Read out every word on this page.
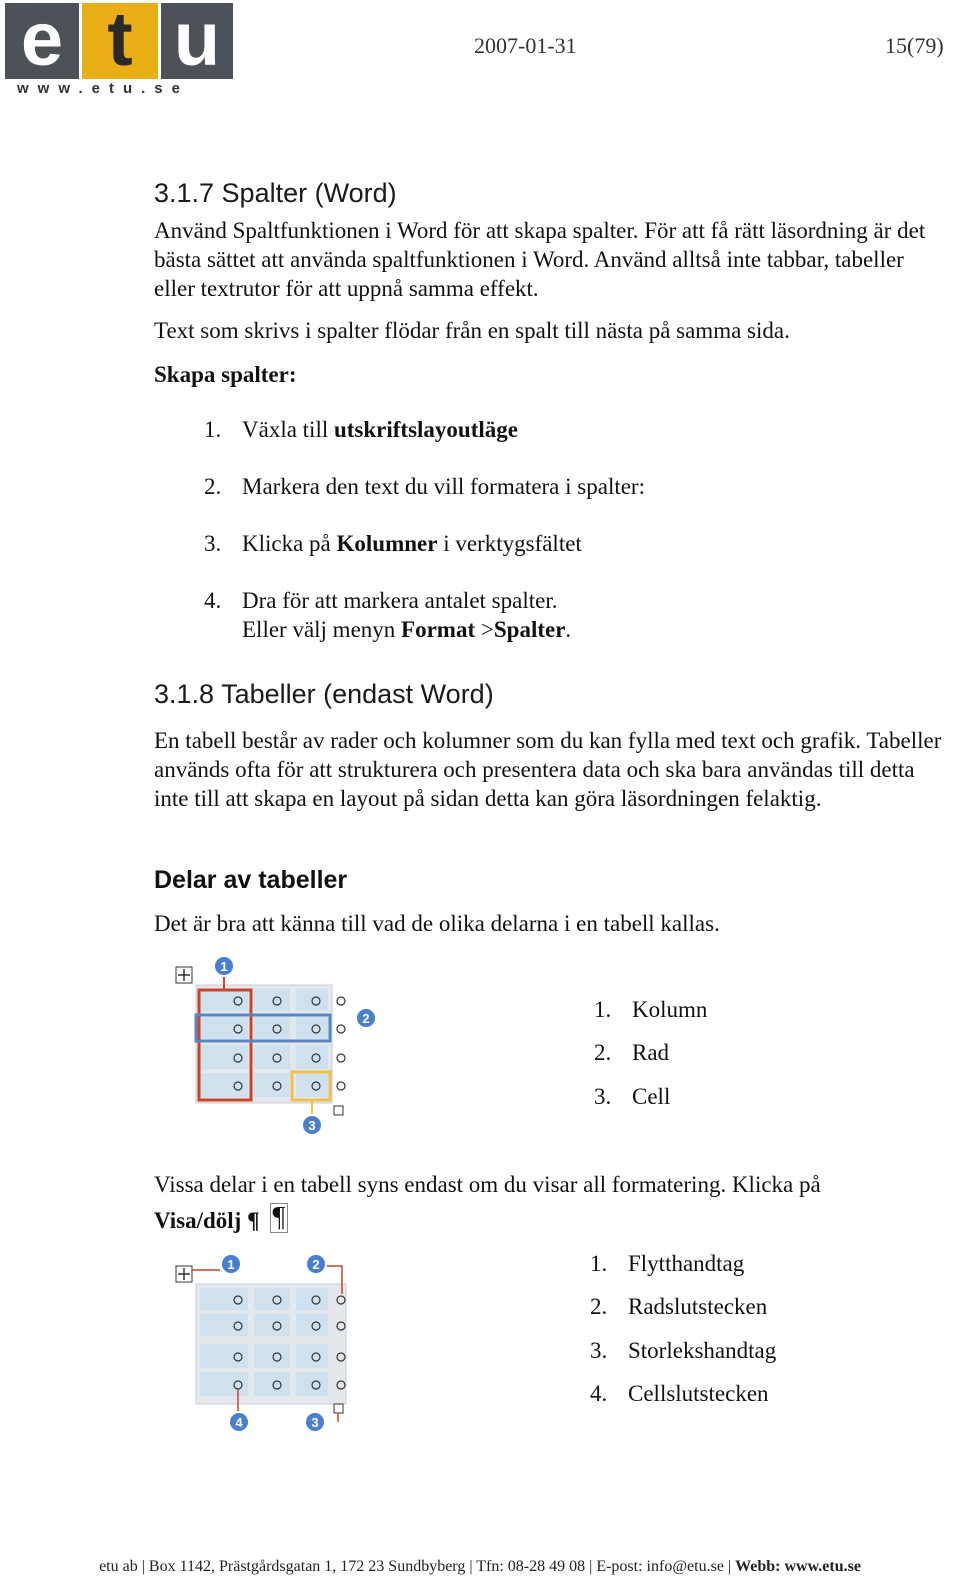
e t u
www.etu.se
2007-01-31	15(79)
3.1.7 Spalter (Word)
Använd Spaltfunktionen i Word för att skapa spalter. För att få rätt läsordning är det bästa sättet att använda spaltfunktionen i Word. Använd alltså inte tabbar, tabeller eller textrutor för att uppnå samma effekt.
Text som skrivs i spalter flödar från en spalt till nästa på samma sida.
Skapa spalter:
1. Växla till utskriftslayoutläge
2. Markera den text du vill formatera i spalter:
3. Klicka på Kolumner i verktygsfältet
4. Dra för att markera antalet spalter.
Eller välj menyn Format >Spalter.
3.1.8 Tabeller (endast Word)
En tabell består av rader och kolumner som du kan fylla med text och grafik. Tabeller används ofta för att strukturera och presentera data och ska bara användas till detta inte till att skapa en layout på sidan detta kan göra läsordningen felaktig.
Delar av tabeller
Det är bra att känna till vad de olika delarna i en tabell kallas.
1
2
3
1. Kolumn
2. Rad
3. Cell
Vissa delar i en tabell syns endast om du visar all formatering. Klicka på
Visa/dölj ¶ ¶
1	2
3
4
1. Flytthandtag
2. Radslutstecken
3. Storlekshandtag
4. Cellslutstecken
etu ab | Box 1142, Prästgårdsgatan 1, 172 23 Sundbyberg | Tfn: 08-28 49 08 | E-post: info@etu.se | Webb: www.etu.se
